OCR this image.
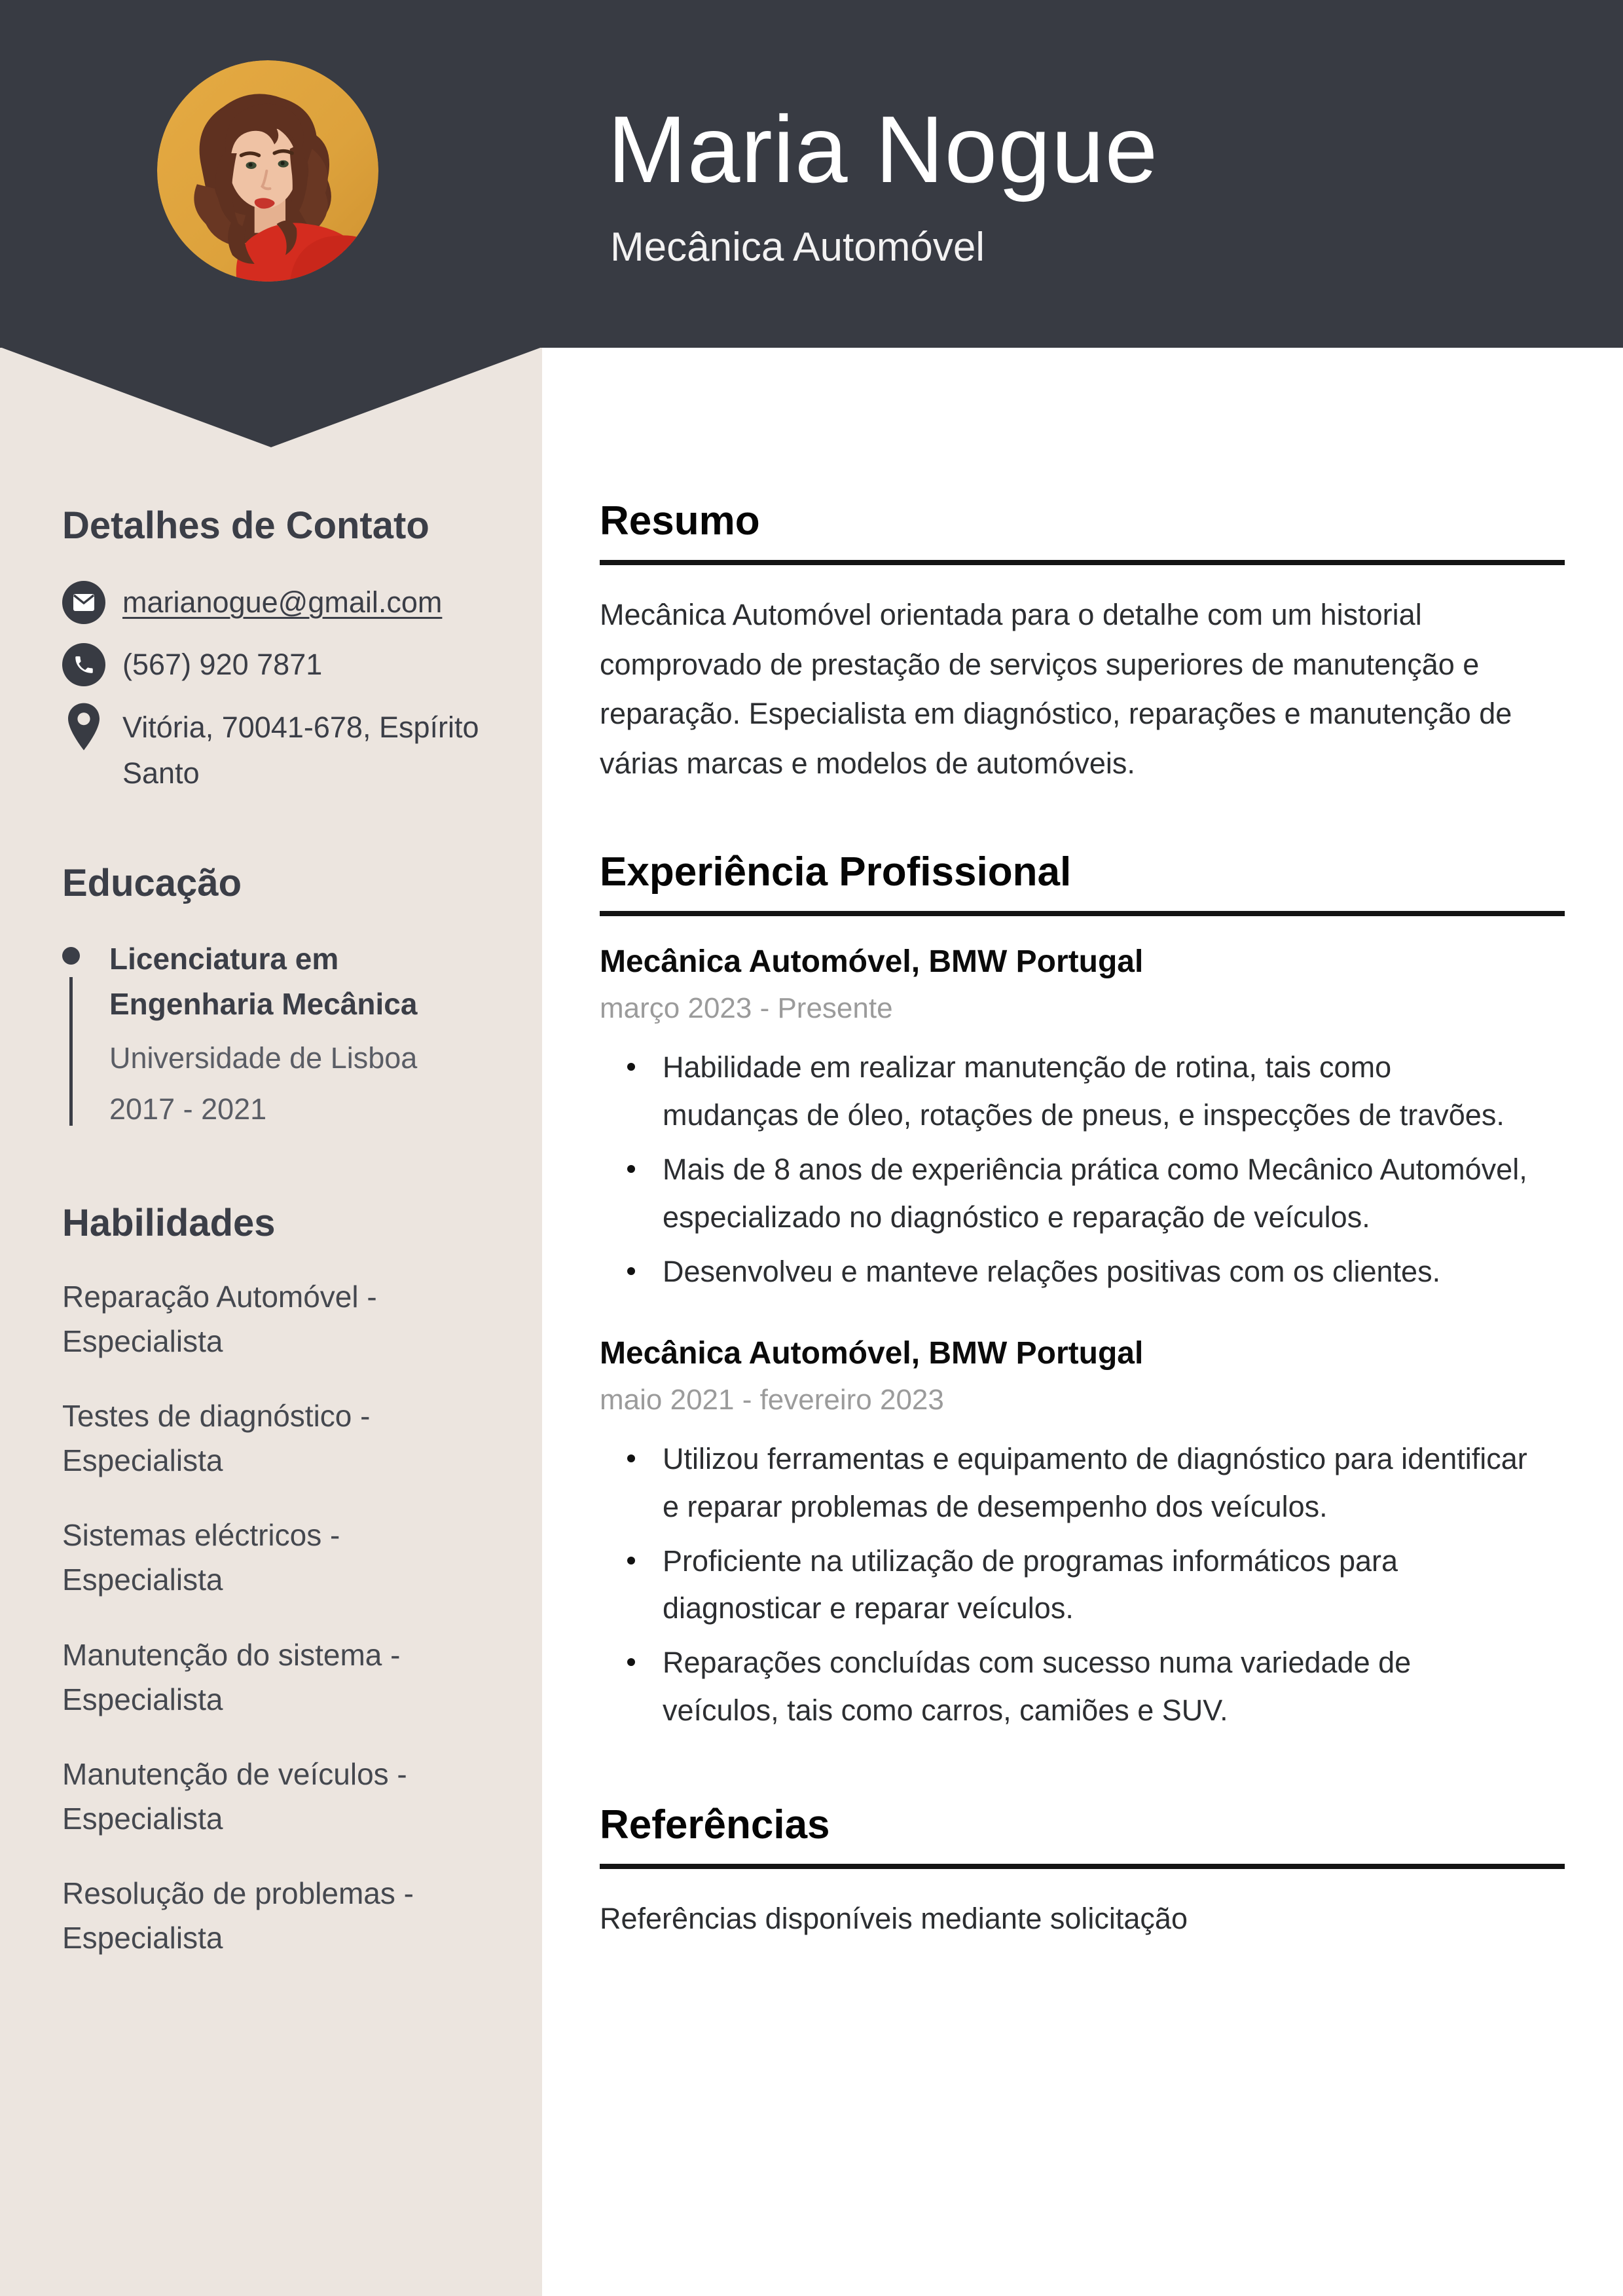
Maria Nogue
Mecânica Automóvel
Detalhes de Contato
marianogue@gmail.com
(567) 920 7871
Vitória, 70041-678, Espírito Santo
Educação
Licenciatura em Engenharia Mecânica
Universidade de Lisboa
2017 - 2021
Habilidades
Reparação Automóvel - Especialista
Testes de diagnóstico - Especialista
Sistemas eléctricos - Especialista
Manutenção do sistema - Especialista
Manutenção de veículos - Especialista
Resolução de problemas - Especialista
Resumo

Mecânica Automóvel orientada para o detalhe com um historial comprovado de prestação de serviços superiores de manutenção e reparação. Especialista em diagnóstico, reparações e manutenção de várias marcas e modelos de automóveis.

Experiência Profissional
Mecânica Automóvel, BMW Portugal
março 2023 - Presente
Habilidade em realizar manutenção de rotina, tais como mudanças de óleo, rotações de pneus, e inspecções de travões.
Mais de 8 anos de experiência prática como Mecânico Automóvel, especializado no diagnóstico e reparação de veículos.
Desenvolveu e manteve relações positivas com os clientes.
Mecânica Automóvel, BMW Portugal
maio 2021 - fevereiro 2023
Utilizou ferramentas e equipamento de diagnóstico para identificar e reparar problemas de desempenho dos veículos.
Proficiente na utilização de programas informáticos para diagnosticar e reparar veículos.
Reparações concluídas com sucesso numa variedade de veículos, tais como carros, camiões e SUV.
Referências

Referências disponíveis mediante solicitação
